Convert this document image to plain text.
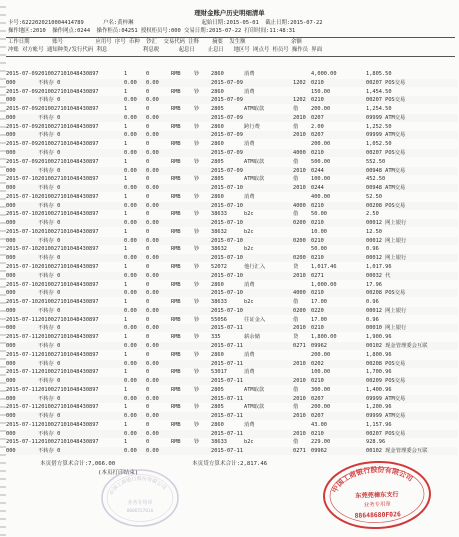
理财金账户历史明细清单
卡号:6222020210004414789      户名:黄梓琳                     起始日期:2015-05-01  截止日期:2015-07-22
操作地区:2010  操作网点:0244  操作柜员:04251 授权柜员号:000 交易日期:2015-07-22 打印时间:11:48:31
工作日期       账号          应用号 序号 币种  钞汇  交易代码 注释    摘要  发生额              余额
冲账 对方帐号 通知种类/发行代码 利息           利息税      起息日    止息日   地区号 网点号 柜员号 操作员 界面
2015-07-09 2010027101048430897	1	0	RMB	钞 2860	消费	4,000.00	1,805.50
000	不转存 0	0.00 0.00	2015-07-09	1202 0210	00207 POS交易
2015-07-09 2010027101048430897	1	0	RMB	钞 2860	消费	150.00	1,454.50
000	不转存 0	0.00 0.00	2015-07-09	1202 0210	00207 POS交易
2015-07-09 2010027101048430897	1	0	RMB	钞 2805	ATM取款	借 200.00	1,254.50
000	不转存 0	0.00 0.00	2015-07-09	2010 0207	09999 ATM交易
2015-07-09 2010027101048430897	1	0	RMB	钞 2860	跨行费	借 2.00	1,252.50
000	不转存 0	0.00 0.00	2015-07-09	2010 0207	09999 ATM交易
2015-07-09 2010027101048430897	1	0	RMB	钞 2860	消费	200.00	1,052.50
000	不转存 0	0.00 0.00	2015-07-09	4000 0210	00207 POS交易
2015-07-09 2010027101048430897	1	0	RMB	钞 2805	ATM取款	借 500.00	552.50
000	不转存 0	0.00 0.00	2015-07-09	2010 0244	00948 ATM交易
2015-07-10 2010027101048430897	1	0	RMB	钞 2805	ATM取款	借 100.00	452.50
000	不转存 0	0.00 0.00	2015-07-10	2010 0244	00948 ATM交易
2015-07-10 2010027101048430897	1	0	RMB	钞 2860	消费	400.00	52.50
000	不转存 0	0.00 0.00	2015-07-10	4000 0210	00208 POS交易
2015-07-10 2010027101048430897	1	0	RMB	钞 38633	b2c	借 50.00	2.50
000	不转存 0	0.00 0.00	2015-07-10	0200 0210	00012 网上银行
2015-07-10 2010027101048430897	1	0	RMB	钞 38632	b2c	10.00	12.50
000	不转存 0	0.00 0.00	2015-07-10	0200 0210	00012 网上银行
2015-07-10 2010027101048430897	1	0	RMB	钞 38632	b2c	50.00	0.96
000	不转存 0	0.00 0.00	2015-07-10	0200 0210	00012 网上银行
2015-07-10 2010027101048430897	1	0	RMB	钞 52072	他行汇入	贷 1,017.46	1,017.96
000	不转存 0	0.00 0.00	2015-07-10	2010 0271	00032 代
2015-07-10 2010027101048430897	1	0	RMB	钞 2860	消费	1,000.00	17.96
000	不转存 0	0.00 0.00	2015-07-10	4000 0210	00208 POS交易
2015-07-10 2010027101048430897	1	0	RMB	钞 38633	b2c	借 17.00	0.96
000	不转存 0	0.00 0.00	2015-07-10	0200 0220	00012 网上银行
2015-07-11 2010027101048430897	1	0	RMB	钞 55056	往证金入	借 17.00	0.96
000	不转存 0	0.00 0.00	2015-07-11	2010 0210	00010 网上银行
2015-07-11 2010027101048430897	1	0	RMB	钞 335	薪余储	贷 1,800.00	1,900.96
000	不转存 0	0.00 0.00	2015-07-11	0271 09962	00102 现金管理委会互联
2015-07-11 2010027101048430897	1	0	RMB	钞 2860	消费	200.00	1,800.96
000	不转存 0	0.00 0.00	2015-07-11	2010 0202	00208 POS交易
2015-07-11 2010027101048430897	1	0	RMB	钞 53017	消费	100.00	1,700.96
000	不转存 0	0.00 0.00	2015-07-11	2010 0210	00209 POS交易
2015-07-11 2010027101048430897	1	0	RMB	钞 2805	ATM取款	借 300.00	1,400.96
000	不转存 0	0.00 0.00	2015-07-11	2010 0207	09999 ATM交易
2015-07-11 2010027101048430897	1	0	RMB	钞 2805	ATM取款	借 200.00	1,200.96
000	不转存 0	0.00 0.00	2015-07-11	2010 0207	09999 ATM交易
2015-07-11 2010027101048430897	1	0	RMB	钞 2860	消费	43.00	1,157.96
000	不转存 0	0.00 0.00	2015-07-11	2010 0210	00207 POS交易
2015-07-11 2010027101048430897	1	0	RMB	钞 38633	b2c	借 229.00	928.96
000	不转存 0	0.00 0.00	2015-07-11	0271 09962	00102 现金管理委会互联
本页借方算术合计:7,066.00	本页贷方算术合计:2,817.46
(本页打印结束)
中国工商银行股份有限公司
业务专用章
8006557016
中国工商银行股份有限公司
东莞莞樟东支行
业务专用章
88648680F026
